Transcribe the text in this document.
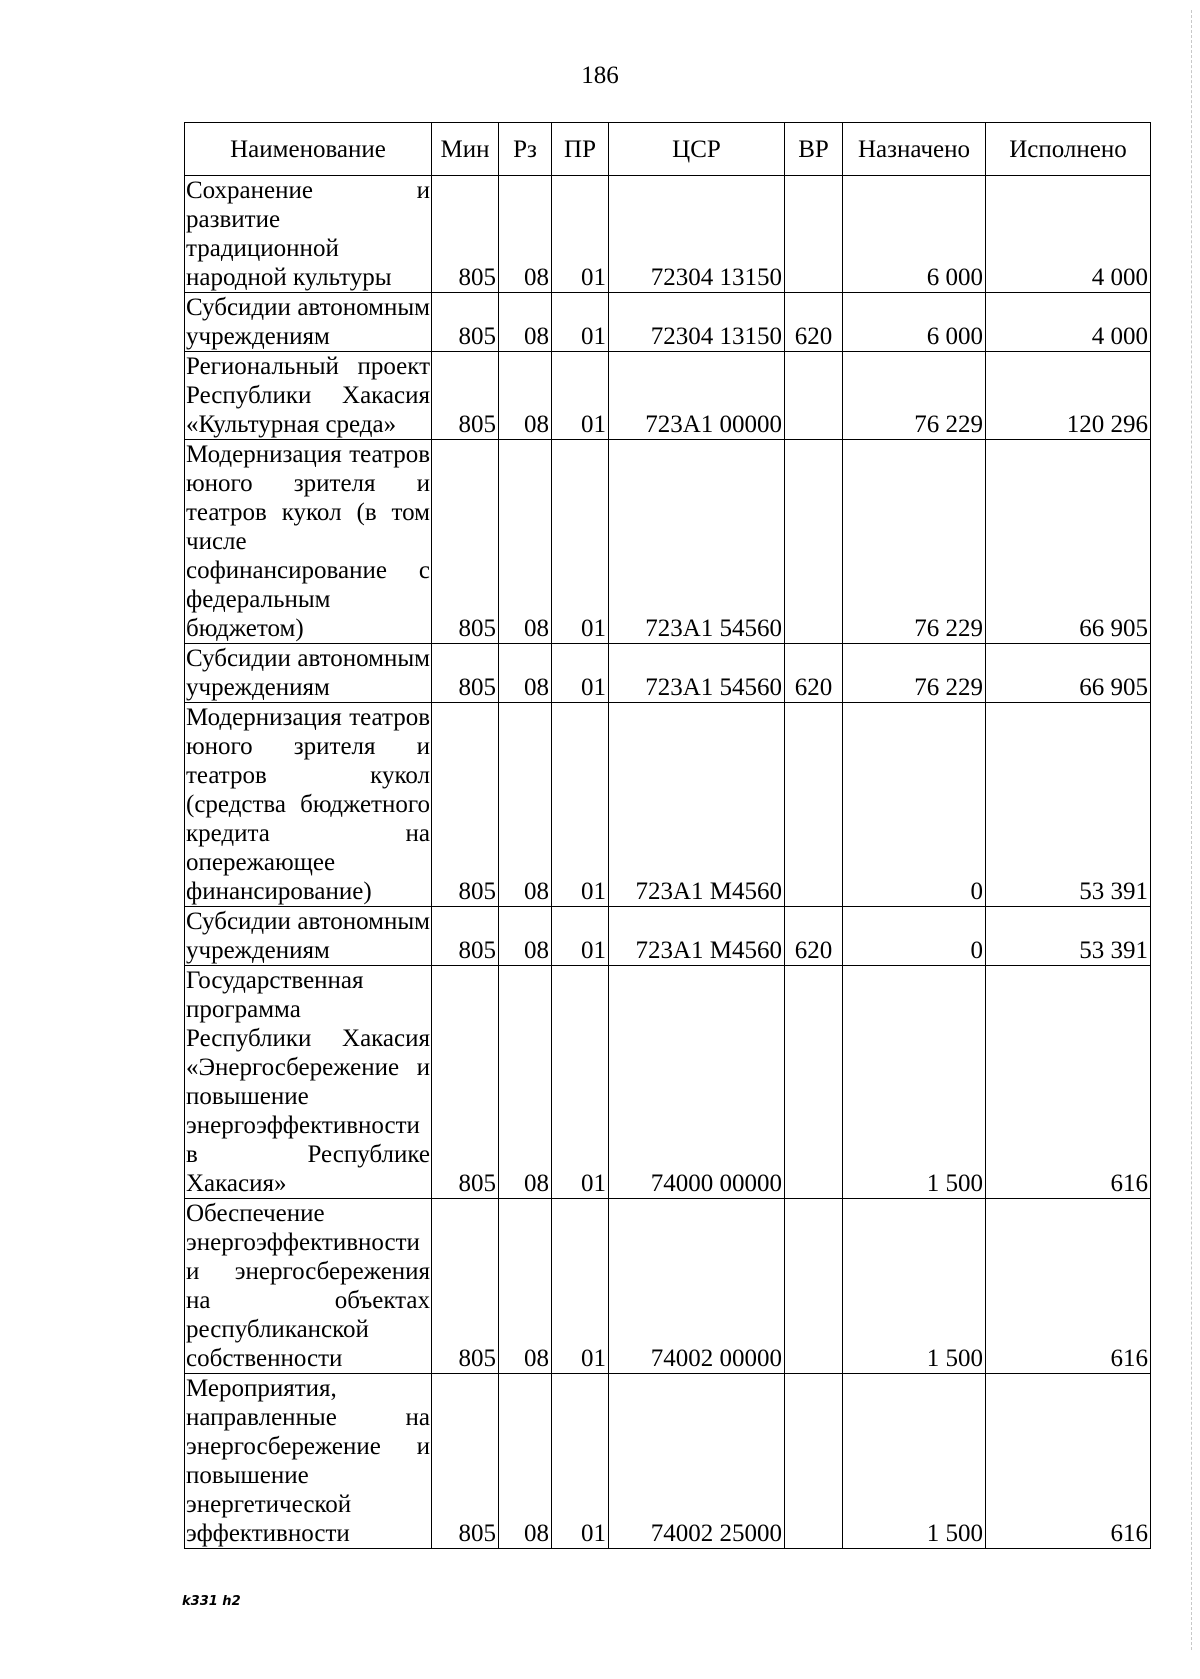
186
Наименование	Мин	Рз	ПР	ЦСР	ВР	Назначено	Исполнено
Сохранение и развитие традиционной народной культуры	805	08	01	72304 13150		6 000	4 000
Субсидии автономным учреждениям	805	08	01	72304 13150	620	6 000	4 000
Региональный проект Республики Хакасия «Культурная среда»	805	08	01	723А1 00000		76 229	120 296
Модернизация театров юного зрителя и театров кукол (в том числе софинансирование с федеральным бюджетом)	805	08	01	723А1 54560		76 229	66 905
Субсидии автономным учреждениям	805	08	01	723А1 54560	620	76 229	66 905
Модернизация театров юного зрителя и театров кукол (средства бюджетного кредита на опережающее финансирование)	805	08	01	723А1 М4560		0	53 391
Субсидии автономным учреждениям	805	08	01	723А1 М4560	620	0	53 391
Государственная программа Республики Хакасия «Энергосбережение и повышение энергоэффективности в Республике Хакасия»	805	08	01	74000 00000		1 500	616
Обеспечение энергоэффективности и энергосбережения на объектах республиканской собственности	805	08	01	74002 00000		1 500	616
Мероприятия, направленные на энергосбережение и повышение энергетической эффективности	805	08	01	74002 25000		1 500	616
k331 h2
